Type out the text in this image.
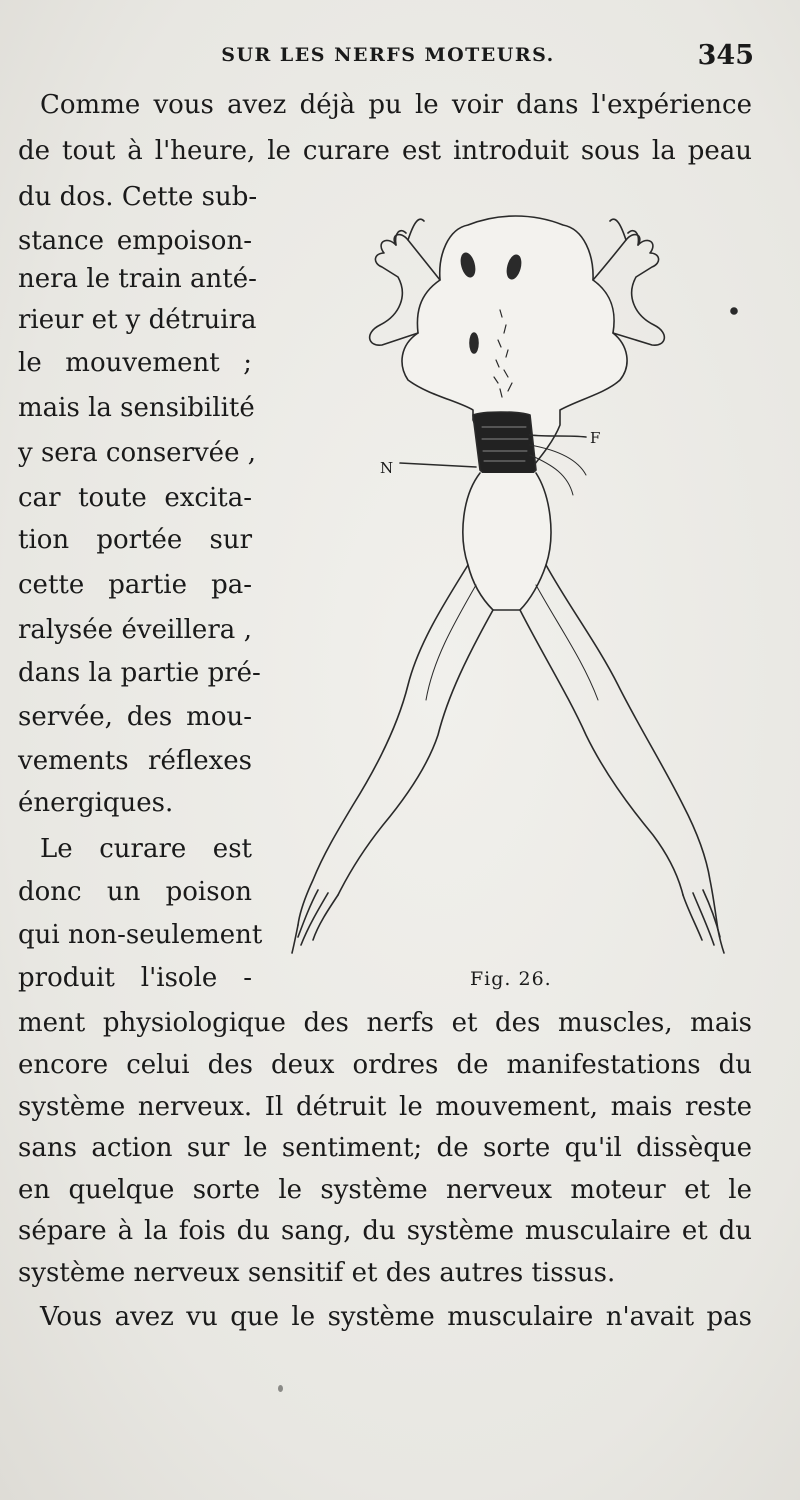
SUR LES NERFS MOTEURS.	345
Comme vous avez déjà pu le voir dans l'expérience
de tout à l'heure, le curare est introduit sous la peau
du dos. Cette sub-
stance empoison-
nera le train anté-
rieur et y détruira
le mouvement ;
mais la sensibilité
y sera conservée ,
car toute excita-
tion portée sur
cette partie pa-
ralysée éveillera ,
dans la partie pré-
servée, des mou-
vements réflexes
énergiques.
Le curare est
donc un poison
qui non-seulement
produit l'isole -
ment physiologique des nerfs et des muscles, mais
encore celui des deux ordres de manifestations du
système nerveux. Il détruit le mouvement, mais reste
sans action sur le sentiment; de sorte qu'il dissèque
en quelque sorte le système nerveux moteur et le
sépare à la fois du sang, du système musculaire et du
système nerveux sensitif et des autres tissus.
Vous avez vu que le système musculaire n'avait pas
N
F
Fig. 26.
